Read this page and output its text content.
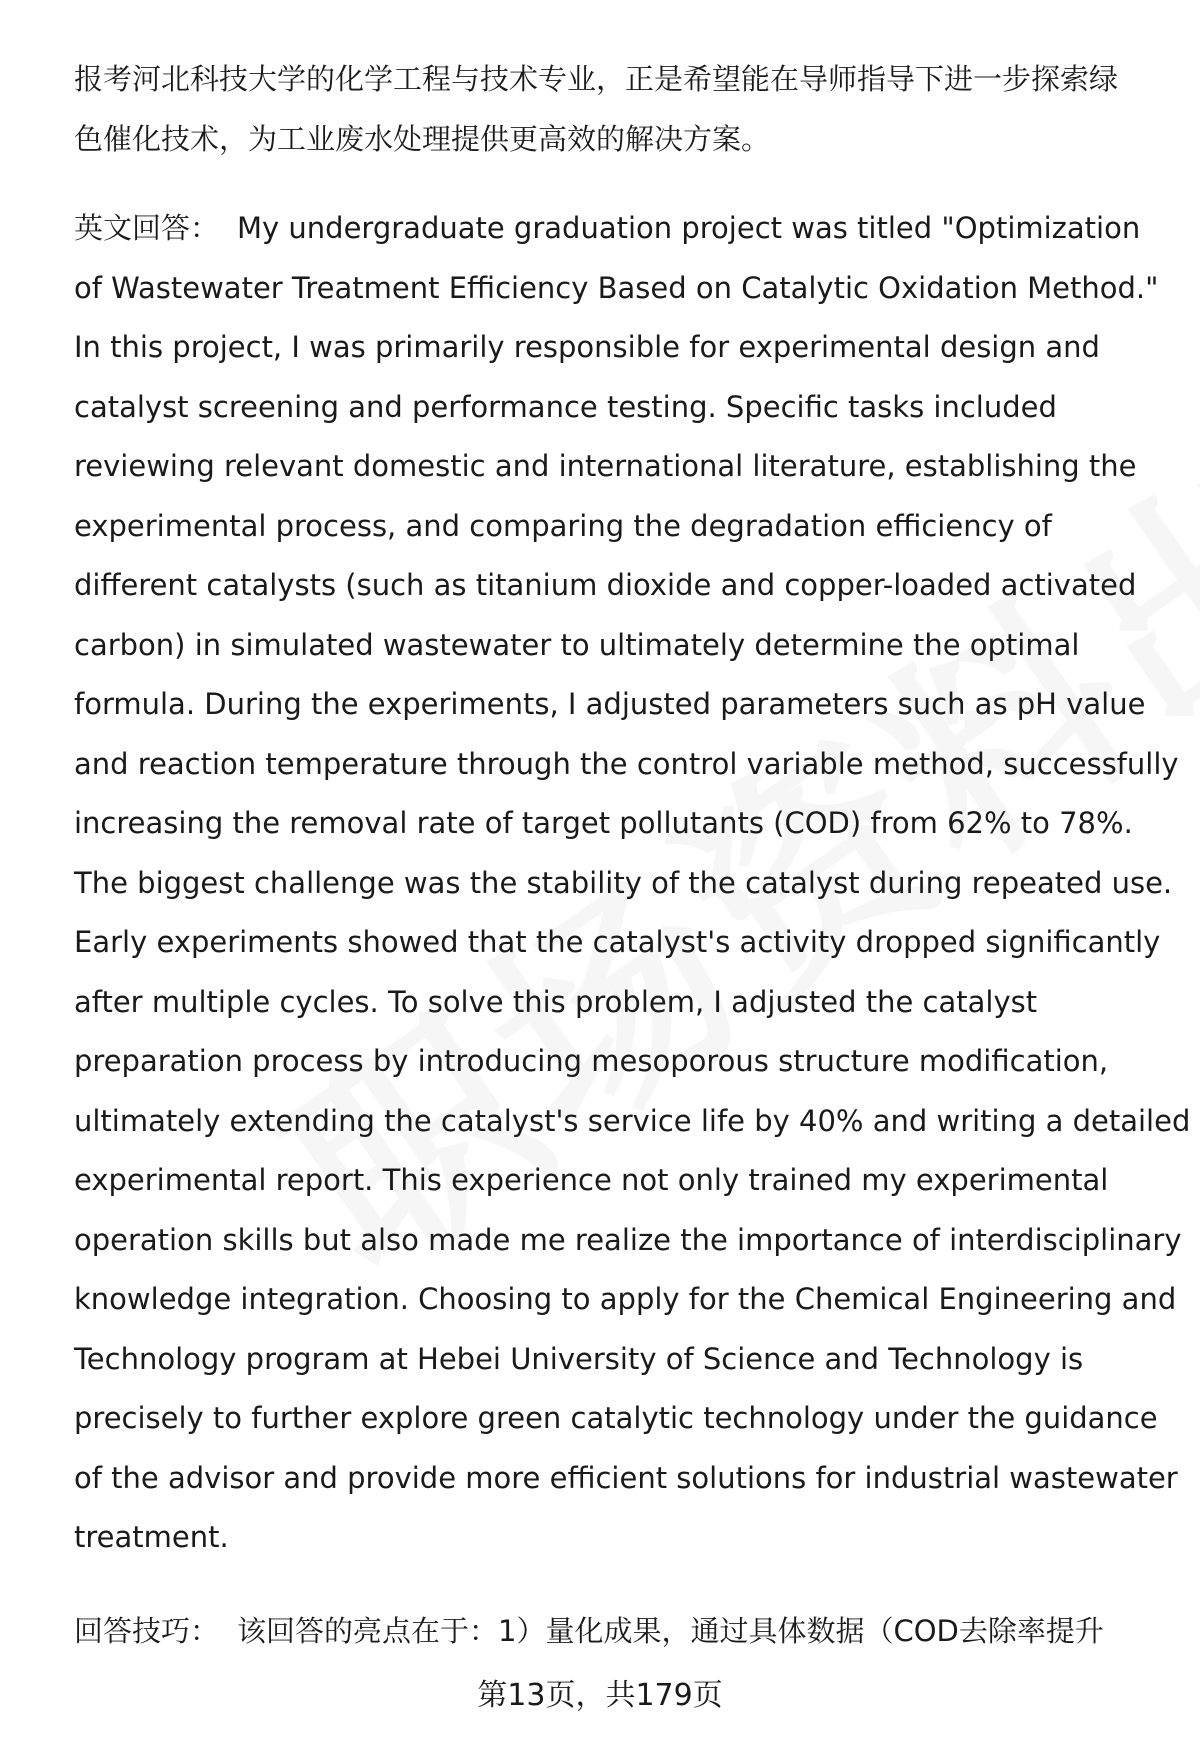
报考河北科技大学的化学工程与技术专业，正是希望能在导师指导下进一步探索绿
色催化技术，为工业废水处理提供更高效的解决方案。
英文回答： My undergraduate graduation project was titled "Optimization
of Wastewater Treatment Efficiency Based on Catalytic Oxidation Method."
In this project, I was primarily responsible for experimental design and
catalyst screening and performance testing. Specific tasks included
reviewing relevant domestic and international literature, establishing the
experimental process, and comparing the degradation efficiency of
different catalysts (such as titanium dioxide and copper-loaded activated
carbon) in simulated wastewater to ultimately determine the optimal
formula. During the experiments, I adjusted parameters such as pH value
and reaction temperature through the control variable method, successfully
increasing the removal rate of target pollutants (COD) from 62% to 78%.
The biggest challenge was the stability of the catalyst during repeated use.
Early experiments showed that the catalyst's activity dropped significantly
after multiple cycles. To solve this problem, I adjusted the catalyst
preparation process by introducing mesoporous structure modification,
ultimately extending the catalyst's service life by 40% and writing a detailed
experimental report. This experience not only trained my experimental
operation skills but also made me realize the importance of interdisciplinary
knowledge integration. Choosing to apply for the Chemical Engineering and
Technology program at Hebei University of Science and Technology is
precisely to further explore green catalytic technology under the guidance
of the advisor and provide more efficient solutions for industrial wastewater
treatment.
回答技巧： 该回答的亮点在于：1）量化成果，通过具体数据（COD去除率提升
第13页，共179页
